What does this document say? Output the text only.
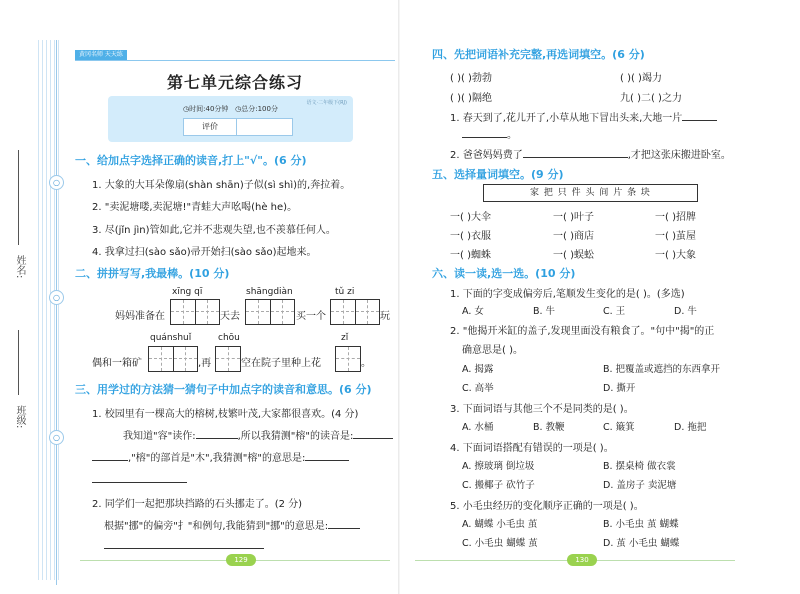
○
○
○
姓名:
班级:
黄冈名师 天天练
第七单元综合练习
语文·二年级下(RJ)
◷时间:40分钟 ◷总分:100分
评价
一、给加点字选择正确的读音,打上"√"。(6 分)
1. 大象的大耳朵像扇(shàn shān)子似(sì shì)的,奔拉着。
2. "卖泥塘喽,卖泥塘!"青蛙大声吆喝(hè he)。
3. 尽(jǐn jìn)管如此,它并不悲观失望,也不羡慕任何人。
4. 我拿过扫(sào sǎo)帚开始扫(sào sǎo)起地来。
二、拼拼写写,我最棒。(10 分)
xīng qī	shāngdiàn	tǔ zi
妈妈准备在	天去	买一个	玩
quánshuǐ	chōu	zǐ
偶和一箱矿	,再	空在院子里种上花	。
三、用学过的方法猜一猜句子中加点字的读音和意思。(6 分)
1. 校园里有一棵高大的榕树,枝繁叶茂,大家都很喜欢。(4 分)
我知道"容"读作:	,所以我猜测"榕"的读音是:
,"榕"的部首是"木",我猜测"榕"的意思是:
2. 同学们一起把那块挡路的石头挪走了。(2 分)
根据"挪"的偏旁"扌"和例句,我能猜到"挪"的意思是:
129
四、先把词语补充完整,再选词填空。(6 分)
( )( )勃勃	( )( )竭力
( )( )隔绝	九( )二( )之力
1. 春天到了,花儿开了,小草从地下冒出头来,大地一片
。
2. 爸爸妈妈费了	,才把这张床搬进卧室。
五、选择量词填空。(9 分)
家 把 只 件 头 间 片 条 块
一( )大伞	一( )叶子	一( )招牌
一( )衣服	一( )商店	一( )茧屋
一( )蜘蛛	一( )蜈蚣	一( )大象
六、读一读,选一选。(10 分)
1. 下面的字变成偏旁后,笔顺发生变化的是( )。(多选)
A. 女	B. 牛	C. 王	D. 牛
2. "他揭开米缸的盖子,发现里面没有粮食了。"句中"揭"的正
确意思是( )。
A. 揭露	B. 把覆盖或遮挡的东西拿开
C. 高举	D. 撕开
3. 下面词语与其他三个不是同类的是( )。
A. 水桶	B. 教鞭	C. 簸箕	D. 拖把
4. 下面词语搭配有错误的一项是( )。
A. 擦玻璃 倒垃圾	B. 摆桌椅 做衣裳
C. 搬椰子 砍竹子	D. 盖房子 卖泥塘
5. 小毛虫经历的变化顺序正确的一项是( )。
A. 蝴蝶 小毛虫 茧	B. 小毛虫 茧 蝴蝶
C. 小毛虫 蝴蝶 茧	D. 茧 小毛虫 蝴蝶
130
